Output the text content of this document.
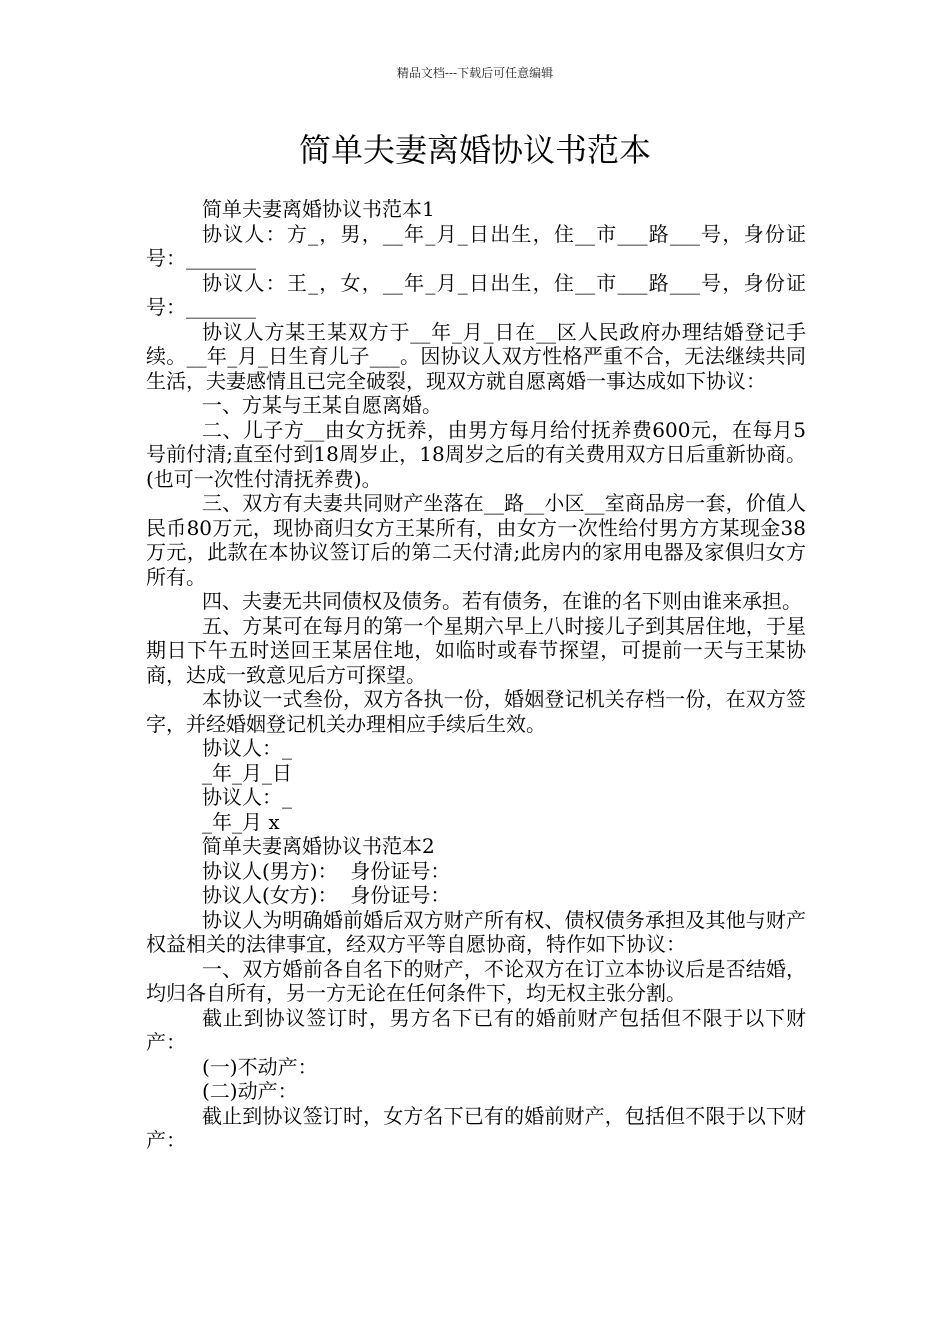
精品文档---下载后可任意编辑
简单夫妻离婚协议书范本

简单夫妻离婚协议书范本1

协议人：方_，男，__年_月_日出生，住__市___路___号，身份证号：_______

协议人：王_，女，__年_月_日出生，住__市___路___号，身份证号：_______

协议人方某王某双方于__年_月_日在__区人民政府办理结婚登记手续。__年_月_日生育儿子___。因协议人双方性格严重不合，无法继续共同生活，夫妻感情且已完全破裂，现双方就自愿离婚一事达成如下协议：

一、方某与王某自愿离婚。

二、儿子方__由女方抚养，由男方每月给付抚养费600元，在每月5号前付清;直至付到18周岁止，18周岁之后的有关费用双方日后重新协商。(也可一次性付清抚养费)。

三、双方有夫妻共同财产坐落在__路__小区__室商品房一套，价值人民币80万元，现协商归女方王某所有，由女方一次性给付男方方某现金38万元，此款在本协议签订后的第二天付清;此房内的家用电器及家俱归女方所有。

四、夫妻无共同债权及债务。若有债务，在谁的名下则由谁来承担。

五、方某可在每月的第一个星期六早上八时接儿子到其居住地，于星期日下午五时送回王某居住地，如临时或春节探望，可提前一天与王某协商，达成一致意见后方可探望。

本协议一式叁份，双方各执一份，婚姻登记机关存档一份，在双方签字，并经婚姻登记机关办理相应手续后生效。

协议人：_

_年_月_日

协议人：_

_年_月 x

简单夫妻离婚协议书范本2

协议人(男方)：  身份证号：

协议人(女方)：  身份证号：

协议人为明确婚前婚后双方财产所有权、债权债务承担及其他与财产权益相关的法律事宜，经双方平等自愿协商，特作如下协议：

一、双方婚前各自名下的财产，不论双方在订立本协议后是否结婚，均归各自所有，另一方无论在任何条件下，均无权主张分割。

截止到协议签订时，男方名下已有的婚前财产包括但不限于以下财产：

(一)不动产：

(二)动产：

截止到协议签订时，女方名下已有的婚前财产，包括但不限于以下财产：
